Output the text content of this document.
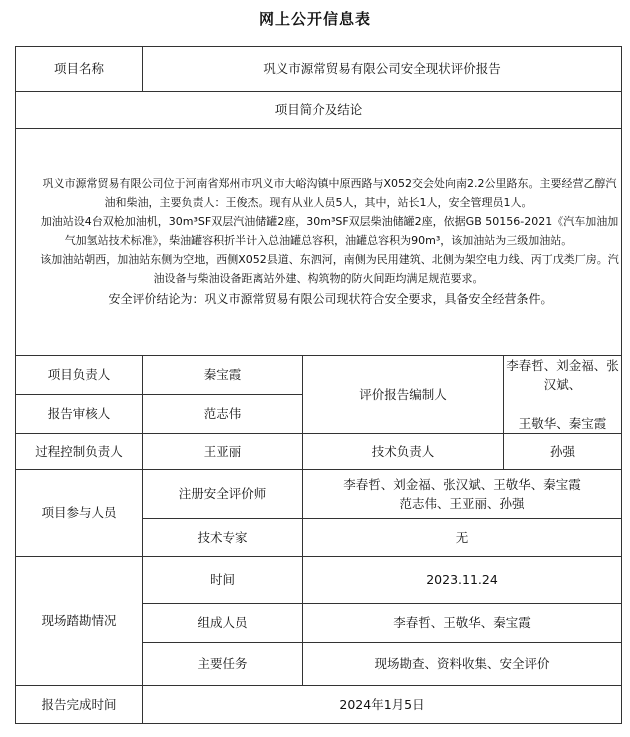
网上公开信息表
项目名称	巩义市源常贸易有限公司安全现状评价报告		
项目简介及结论			

巩义市源常贸易有限公司位于河南省郑州市巩义市大峪沟镇中原西路与X052交会处向南2.2公里路东。主要经营乙醇汽油和柴油，主要负责人：王俊杰。现有从业人员5人，其中，站长1人，安全管理员1人。

加油站设4台双枪加油机，30m³SF双层汽油储罐2座，30m³SF双层柴油储罐2座，依据GB 50156-2021《汽车加油加气加氢站技术标准》，柴油罐容积折半计入总油罐总容积，油罐总容积为90m³，该加油站为三级加油站。

该加油站朝西，加油站东侧为空地，西侧X052县道、东泗河，南侧为民用建筑、北侧为架空电力线、丙丁戊类厂房。汽油设备与柴油设备距离站外建、构筑物的防火间距均满足规范要求。

安全评价结论为：巩义市源常贸易有限公司现状符合安全要求，具备安全经营条件。			

项目负责人	秦宝霞	评价报告编制人	李春哲、刘金福、张汉斌、
王敬华、秦宝霞

报告审核人	范志伟		
过程控制负责人	王亚丽	技术负责人	孙强
项目参与人员	注册安全评价师	李春哲、刘金福、张汉斌、王敬华、秦宝霞
范志伟、王亚丽、孙强	

	技术专家	无	
现场踏勘情况	时间	2023.11.24	
	组成人员	李春哲、王敬华、秦宝霞	
	主要任务	现场勘查、资料收集、安全评价	
报告完成时间	2024年1月5日		
